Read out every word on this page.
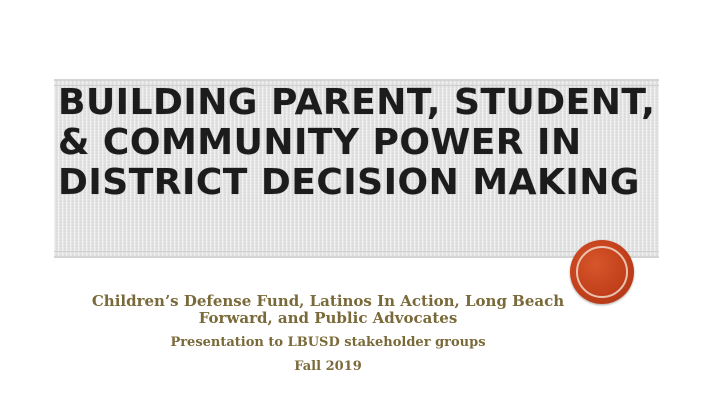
BUILDING PARENT, STUDENT,
& COMMUNITY POWER IN
DISTRICT DECISION MAKING
Children’s Defense Fund, Latinos In Action, Long Beach Forward, and Public Advocates
Presentation to LBUSD stakeholder groups
Fall 2019
